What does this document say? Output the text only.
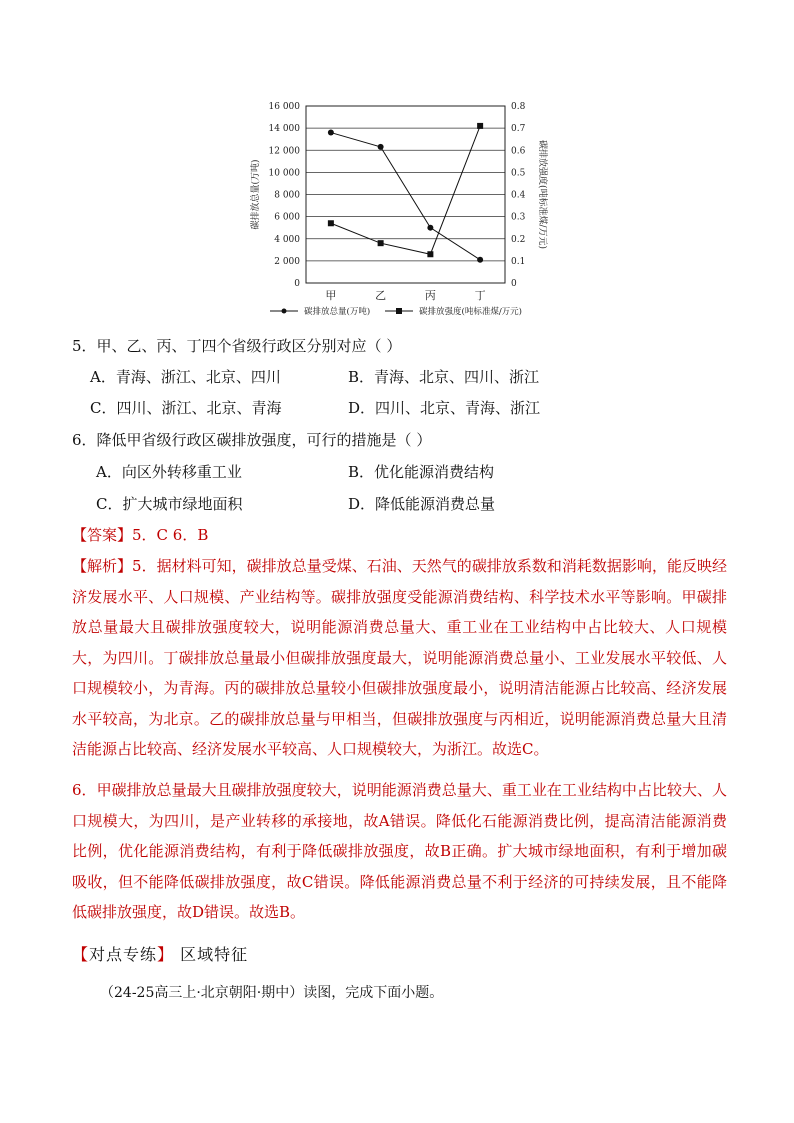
0
2 000
4 000
6 000
8 000
10 000
12 000
14 000
16 000
0
0.1
0.2
0.3
0.4
0.5
0.6
0.7
0.8
甲	乙	丙	丁
碳排放总量(万吨)	碳排放强度(吨标准煤/万元)
碳排放总量(万吨)	碳排放强度(吨标准煤/万元)
5．甲、乙、丙、丁四个省级行政区分别对应（ ）
A．青海、浙江、北京、四川	B．青海、北京、四川、浙江
C．四川、浙江、北京、青海	D．四川、北京、青海、浙江
6．降低甲省级行政区碳排放强度，可行的措施是（ ）
A．向区外转移重工业	B．优化能源消费结构
C．扩大城市绿地面积	D．降低能源消费总量
【答案】5．C 6．B
【解析】5．据材料可知，碳排放总量受煤、石油、天然气的碳排放系数和消耗数据影响，能反映经济发展水平、人口规模、产业结构等。碳排放强度受能源消费结构、科学技术水平等影响。甲碳排放总量最大且碳排放强度较大，说明能源消费总量大、重工业在工业结构中占比较大、人口规模大，为四川。丁碳排放总量最小但碳排放强度最大，说明能源消费总量小、工业发展水平较低、人口规模较小，为青海。丙的碳排放总量较小但碳排放强度最小，说明清洁能源占比较高、经济发展水平较高，为北京。乙的碳排放总量与甲相当，但碳排放强度与丙相近，说明能源消费总量大且清洁能源占比较高、经济发展水平较高、人口规模较大，为浙江。故选C。
6．甲碳排放总量最大且碳排放强度较大，说明能源消费总量大、重工业在工业结构中占比较大、人口规模大，为四川，是产业转移的承接地，故A错误。降低化石能源消费比例，提高清洁能源消费比例，优化能源消费结构，有利于降低碳排放强度，故B正确。扩大城市绿地面积，有利于增加碳吸收，但不能降低碳排放强度，故C错误。降低能源消费总量不利于经济的可持续发展，且不能降低碳排放强度，故D错误。故选B。
【对点专练】 区域特征
（24-25高三上·北京朝阳·期中）读图，完成下面小题。
